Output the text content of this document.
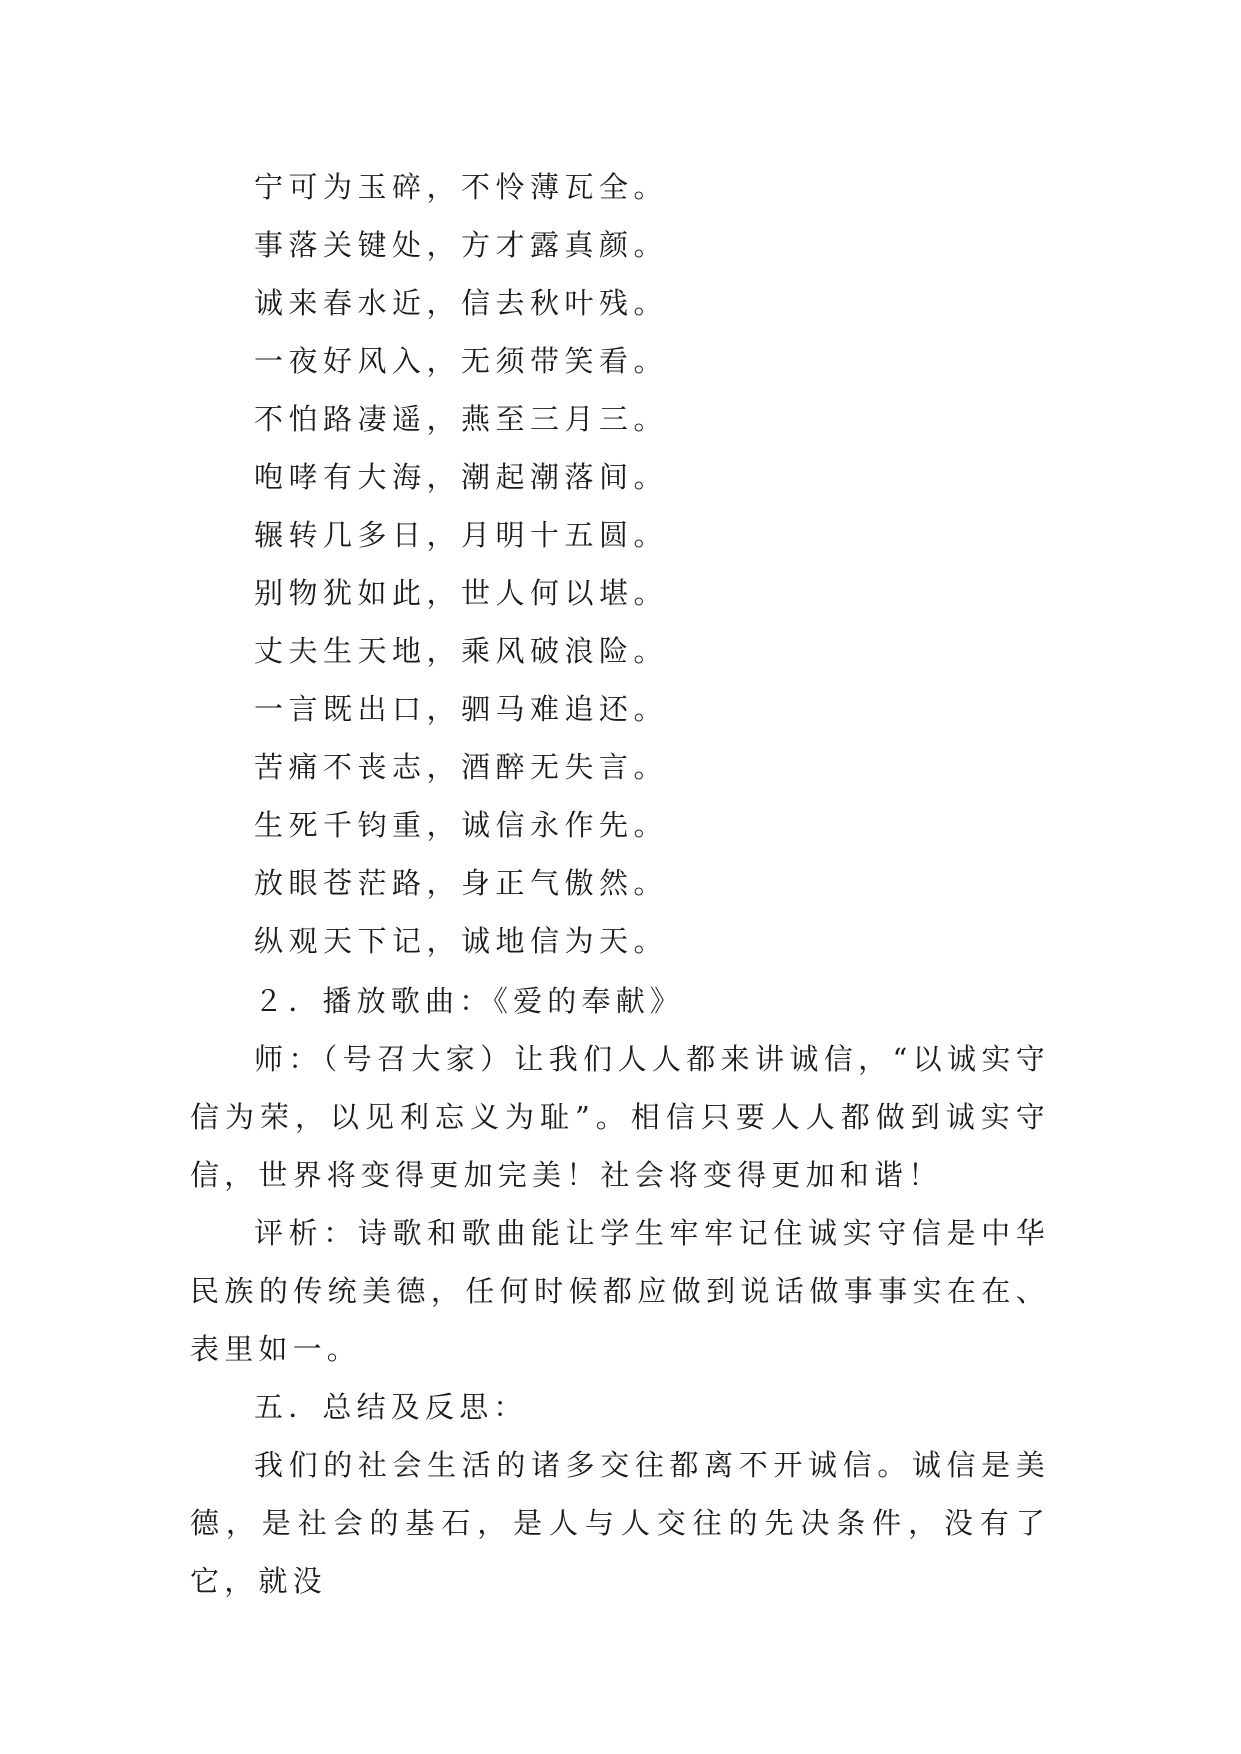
宁可为玉碎，不怜薄瓦全。
事落关键处，方才露真颜。
诚来春水近，信去秋叶残。
一夜好风入，无须带笑看。
不怕路凄遥，燕至三月三。
咆哮有大海，潮起潮落间。
辗转几多日，月明十五圆。
别物犹如此，世人何以堪。
丈夫生天地，乘风破浪险。
一言既出口，驷马难追还。
苦痛不丧志，酒醉无失言。
生死千钧重，诚信永作先。
放眼苍茫路，身正气傲然。
纵观天下记，诚地信为天。

２．播放歌曲：《爱的奉献》

师：（号召大家）让我们人人都来讲诚信，“以诚实守信为荣，以见利忘义为耻”。相信只要人人都做到诚实守信，世界将变得更加完美！社会将变得更加和谐！

评析：诗歌和歌曲能让学生牢牢记住诚实守信是中华民族的传统美德，任何时候都应做到说话做事事实在在、表里如一。

五．总结及反思：

我们的社会生活的诸多交往都离不开诚信。诚信是美德，是社会的基石，是人与人交往的先决条件，没有了它，就没
